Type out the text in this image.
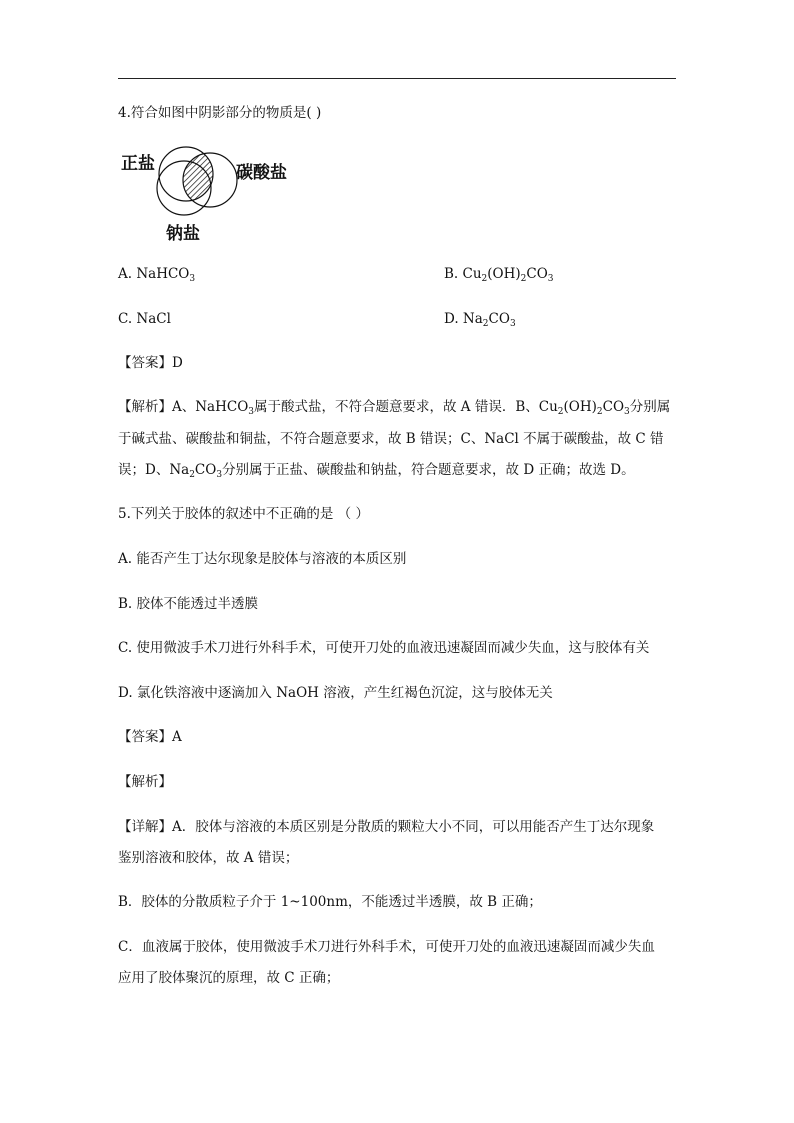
4.符合如图中阴影部分的物质是( )
正盐	碳酸盐
钠盐
A. NaHCO$_3$	B. $Cu_2(OH)_2CO_3$
C. NaCl	D. $Na_2CO_3$
【答案】D
【解析】A、NaHCO$_3$属于酸式盐，不符合题意要求，故 A 错误．B、$Cu_2(OH)_2CO_3$分别属
于碱式盐、碳酸盐和铜盐，不符合题意要求，故 B 错误；C、NaCl 不属于碳酸盐，故 C 错
误；D、$Na_2CO_3$分别属于正盐、碳酸盐和钠盐，符合题意要求，故 D 正确；故选 D。
5.下列关于胶体的叙述中不正确的是 （ ）
A. 能否产生丁达尔现象是胶体与溶液的本质区别
B. 胶体不能透过半透膜
C. 使用微波手术刀进行外科手术，可使开刀处的血液迅速凝固而减少失血，这与胶体有关
D. 氯化铁溶液中逐滴加入 NaOH 溶液，产生红褐色沉淀，这与胶体无关
【答案】A
【解析】
【详解】A．胶体与溶液的本质区别是分散质的颗粒大小不同，可以用能否产生丁达尔现象
鉴别溶液和胶体，故 A 错误；
B．胶体的分散质粒子介于 1~100nm，不能透过半透膜，故 B 正确；
C．血液属于胶体，使用微波手术刀进行外科手术，可使开刀处的血液迅速凝固而减少失血
应用了胶体聚沉的原理，故 C 正确；
